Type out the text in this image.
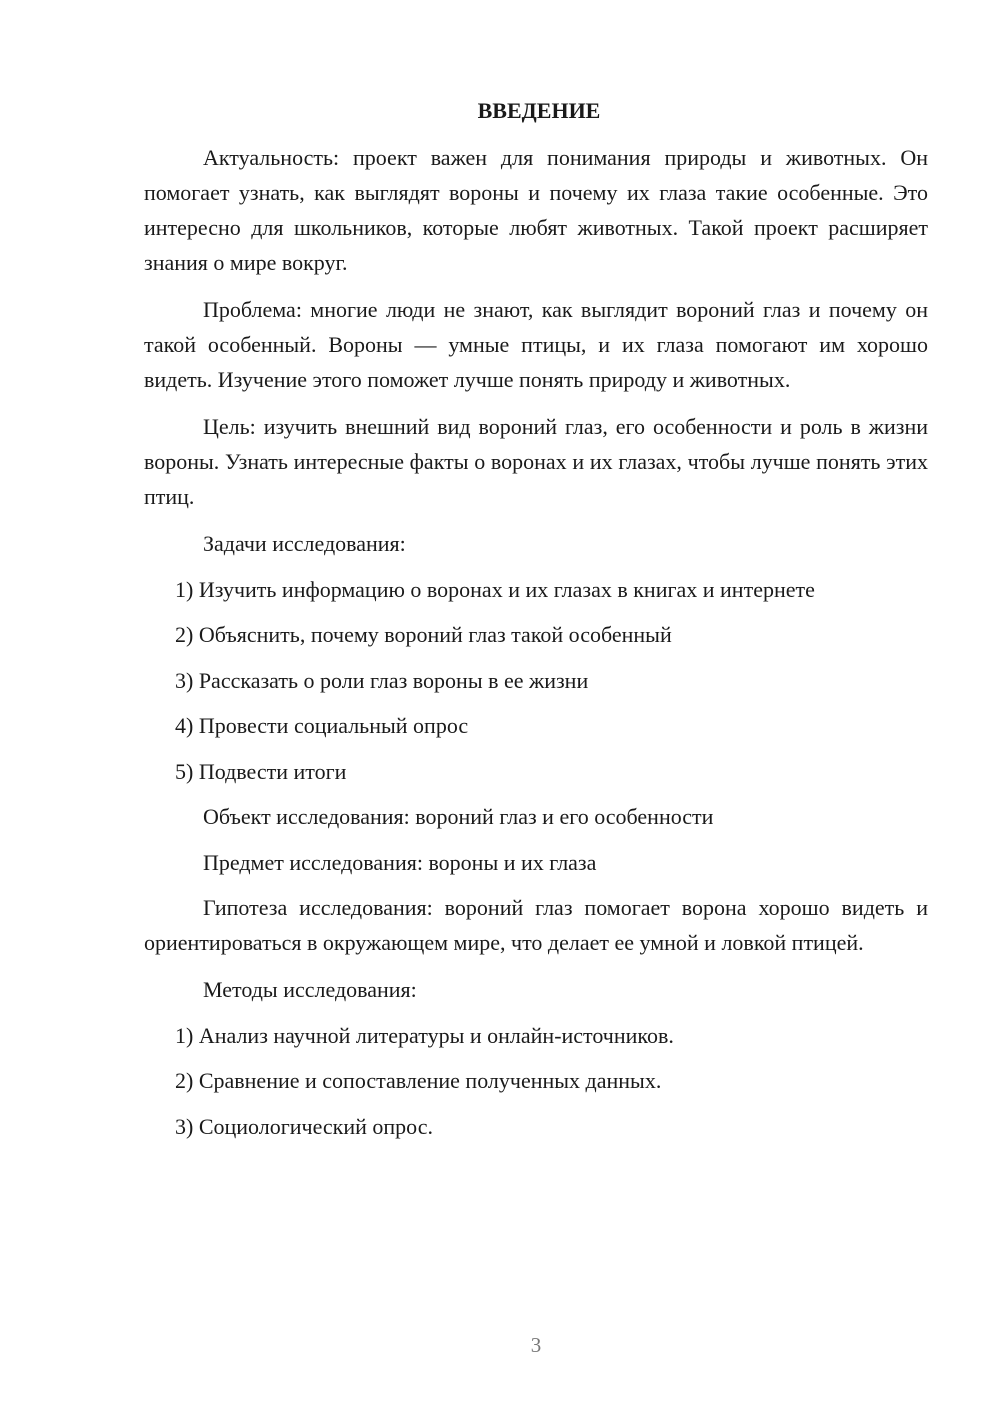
ВВЕДЕНИЕ

Актуальность: проект важен для понимания природы и животных. Он помогает узнать, как выглядят вороны и почему их глаза такие особенные. Это интересно для школьников, которые любят животных. Такой проект расширяет знания о мире вокруг.

Проблема: многие люди не знают, как выглядит вороний глаз и почему он такой особенный. Вороны — умные птицы, и их глаза помогают им хорошо видеть. Изучение этого поможет лучше понять природу и животных.

Цель: изучить внешний вид вороний глаз, его особенности и роль в жизни вороны. Узнать интересные факты о воронах и их глазах, чтобы лучше понять этих птиц.

Задачи исследования:
1) Изучить информацию о воронах и их глазах в книгах и интернете
2) Объяснить, почему вороний глаз такой особенный
3) Рассказать о роли глаз вороны в ее жизни
4) Провести социальный опрос
5) Подвести итоги
Объект исследования: вороний глаз и его особенности
Предмет исследования: вороны и их глаза

Гипотеза исследования: вороний глаз помогает ворона хорошо видеть и ориентироваться в окружающем мире, что делает ее умной и ловкой птицей.

Методы исследования:
1) Анализ научной литературы и онлайн-источников.
2) Сравнение и сопоставление полученных данных.
3) Социологический опрос.
3
